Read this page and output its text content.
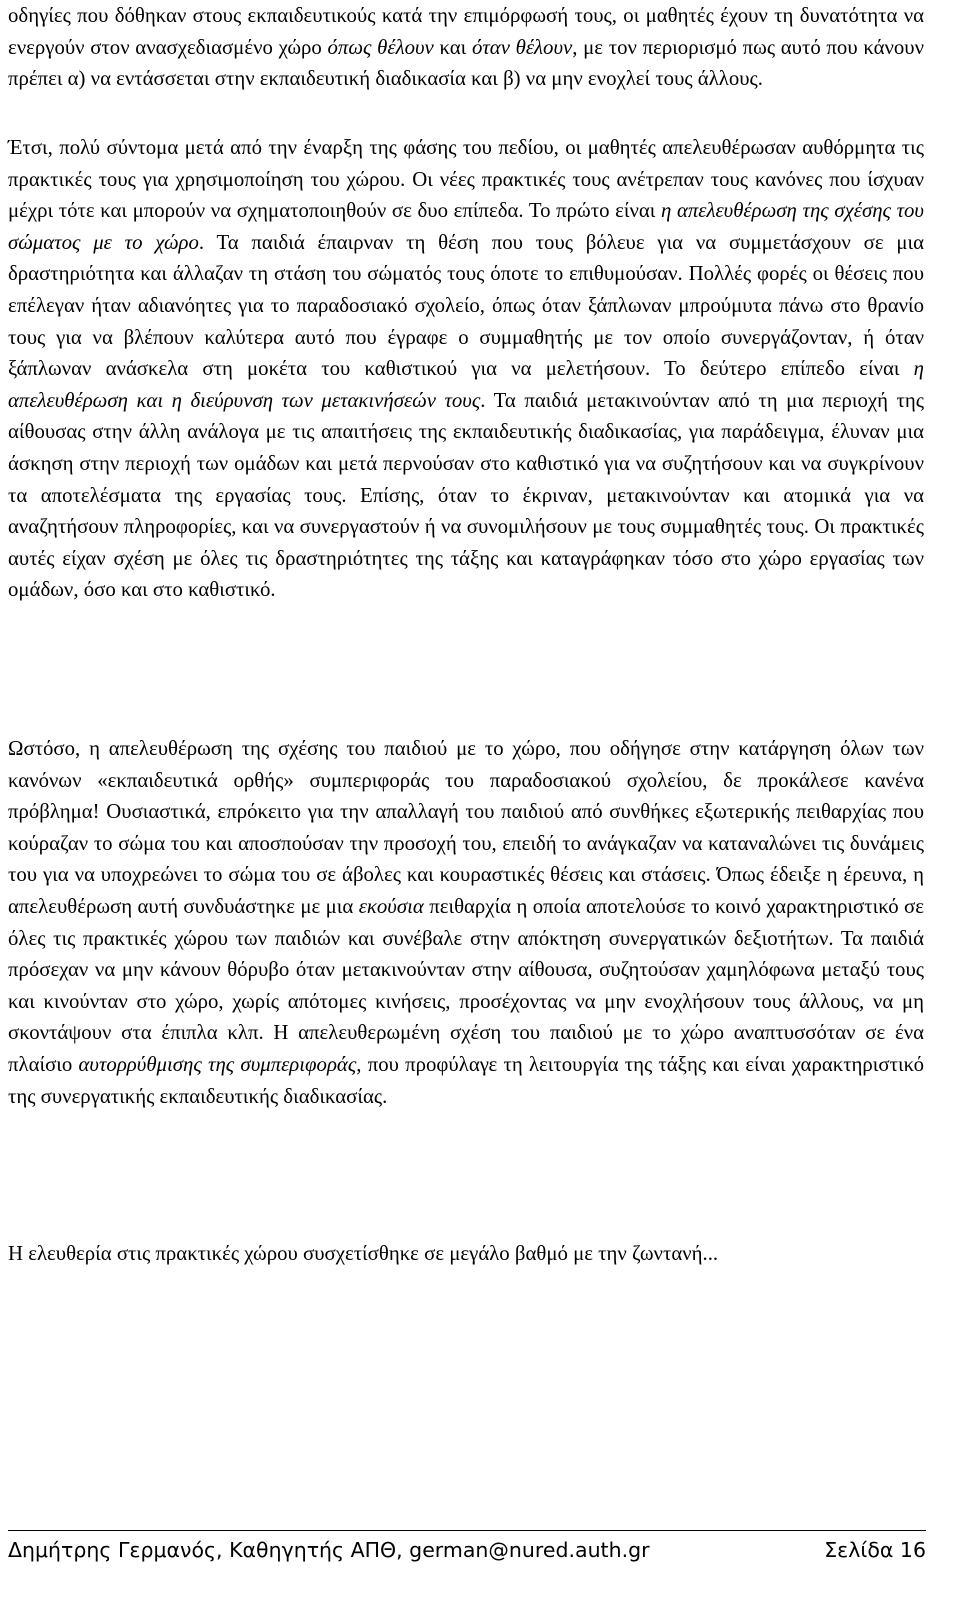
οδηγίες που δόθηκαν στους εκπαιδευτικούς κατά την επιμόρφωσή τους, οι μαθητές έχουν τη δυνατότητα να ενεργούν στον ανασχεδιασμένο χώρο όπως θέλουν και όταν θέλουν, με τον περιορισμό πως αυτό που κάνουν πρέπει α) να εντάσσεται στην εκπαιδευτική διαδικασία και β) να μην ενοχλεί τους άλλους.

Έτσι, πολύ σύντομα μετά από την έναρξη της φάσης του πεδίου, οι μαθητές απελευθέρωσαν αυθόρμητα τις πρακτικές τους για χρησιμοποίηση του χώρου. Οι νέες πρακτικές τους ανέτρεπαν τους κανόνες που ίσχυαν μέχρι τότε και μπορούν να σχηματοποιηθούν σε δυο επίπεδα. Το πρώτο είναι η απελευθέρωση της σχέσης του σώματος με το χώρο. Τα παιδιά έπαιρναν τη θέση που τους βόλευε για να συμμετάσχουν σε μια δραστηριότητα και άλλαζαν τη στάση του σώματός τους όποτε το επιθυμούσαν. Πολλές φορές οι θέσεις που επέλεγαν ήταν αδιανόητες για το παραδοσιακό σχολείο, όπως όταν ξάπλωναν μπρούμυτα πάνω στο θρανίο τους για να βλέπουν καλύτερα αυτό που έγραφε ο συμμαθητής με τον οποίο συνεργάζονταν, ή όταν ξάπλωναν ανάσκελα στη μοκέτα του καθιστικού για να μελετήσουν. Το δεύτερο επίπεδο είναι η απελευθέρωση και η διεύρυνση των μετακινήσεών τους. Τα παιδιά μετακινούνταν από τη μια περιοχή της αίθουσας στην άλλη ανάλογα με τις απαιτήσεις της εκπαιδευτικής διαδικασίας, για παράδειγμα, έλυναν μια άσκηση στην περιοχή των ομάδων και μετά περνούσαν στο καθιστικό για να συζητήσουν και να συγκρίνουν τα αποτελέσματα της εργασίας τους. Επίσης, όταν το έκριναν, μετακινούνταν και ατομικά για να αναζητήσουν πληροφορίες, και να συνεργαστούν ή να συνομιλήσουν με τους συμμαθητές τους. Οι πρακτικές αυτές είχαν σχέση με όλες τις δραστηριότητες της τάξης και καταγράφηκαν τόσο στο χώρο εργασίας των ομάδων, όσο και στο καθιστικό.

Ωστόσο, η απελευθέρωση της σχέσης του παιδιού με το χώρο, που οδήγησε στην κατάργηση όλων των κανόνων «εκπαιδευτικά ορθής» συμπεριφοράς του παραδοσιακού σχολείου, δε προκάλεσε κανένα πρόβλημα! Ουσιαστικά, επρόκειτο για την απαλλαγή του παιδιού από συνθήκες εξωτερικής πειθαρχίας που κούραζαν το σώμα του και αποσπούσαν την προσοχή του, επειδή το ανάγκαζαν να καταναλώνει τις δυνάμεις του για να υποχρεώνει το σώμα του σε άβολες και κουραστικές θέσεις και στάσεις. Όπως έδειξε η έρευνα, η απελευθέρωση αυτή συνδυάστηκε με μια εκούσια πειθαρχία η οποία αποτελούσε το κοινό χαρακτηριστικό σε όλες τις πρακτικές χώρου των παιδιών και συνέβαλε στην απόκτηση συνεργατικών δεξιοτήτων. Τα παιδιά πρόσεχαν να μην κάνουν θόρυβο όταν μετακινούνταν στην αίθουσα, συζητούσαν χαμηλόφωνα μεταξύ τους και κινούνταν στο χώρο, χωρίς απότομες κινήσεις, προσέχοντας να μην ενοχλήσουν τους άλλους, να μη σκοντάψουν στα έπιπλα κλπ. Η απελευθερωμένη σχέση του παιδιού με το χώρο αναπτυσσόταν σε ένα πλαίσιο αυτορρύθμισης της συμπεριφοράς, που προφύλαγε τη λειτουργία της τάξης και είναι χαρακτηριστικό της συνεργατικής εκπαιδευτικής διαδικασίας.

Η ελευθερία στις πρακτικές χώρου συσχετίσθηκε σε μεγάλο βαθμό με την ζωντανή...

Δημήτρης Γερμανός, Καθηγητής ΑΠΘ, german@nured.auth.gr	Σελίδα 16
